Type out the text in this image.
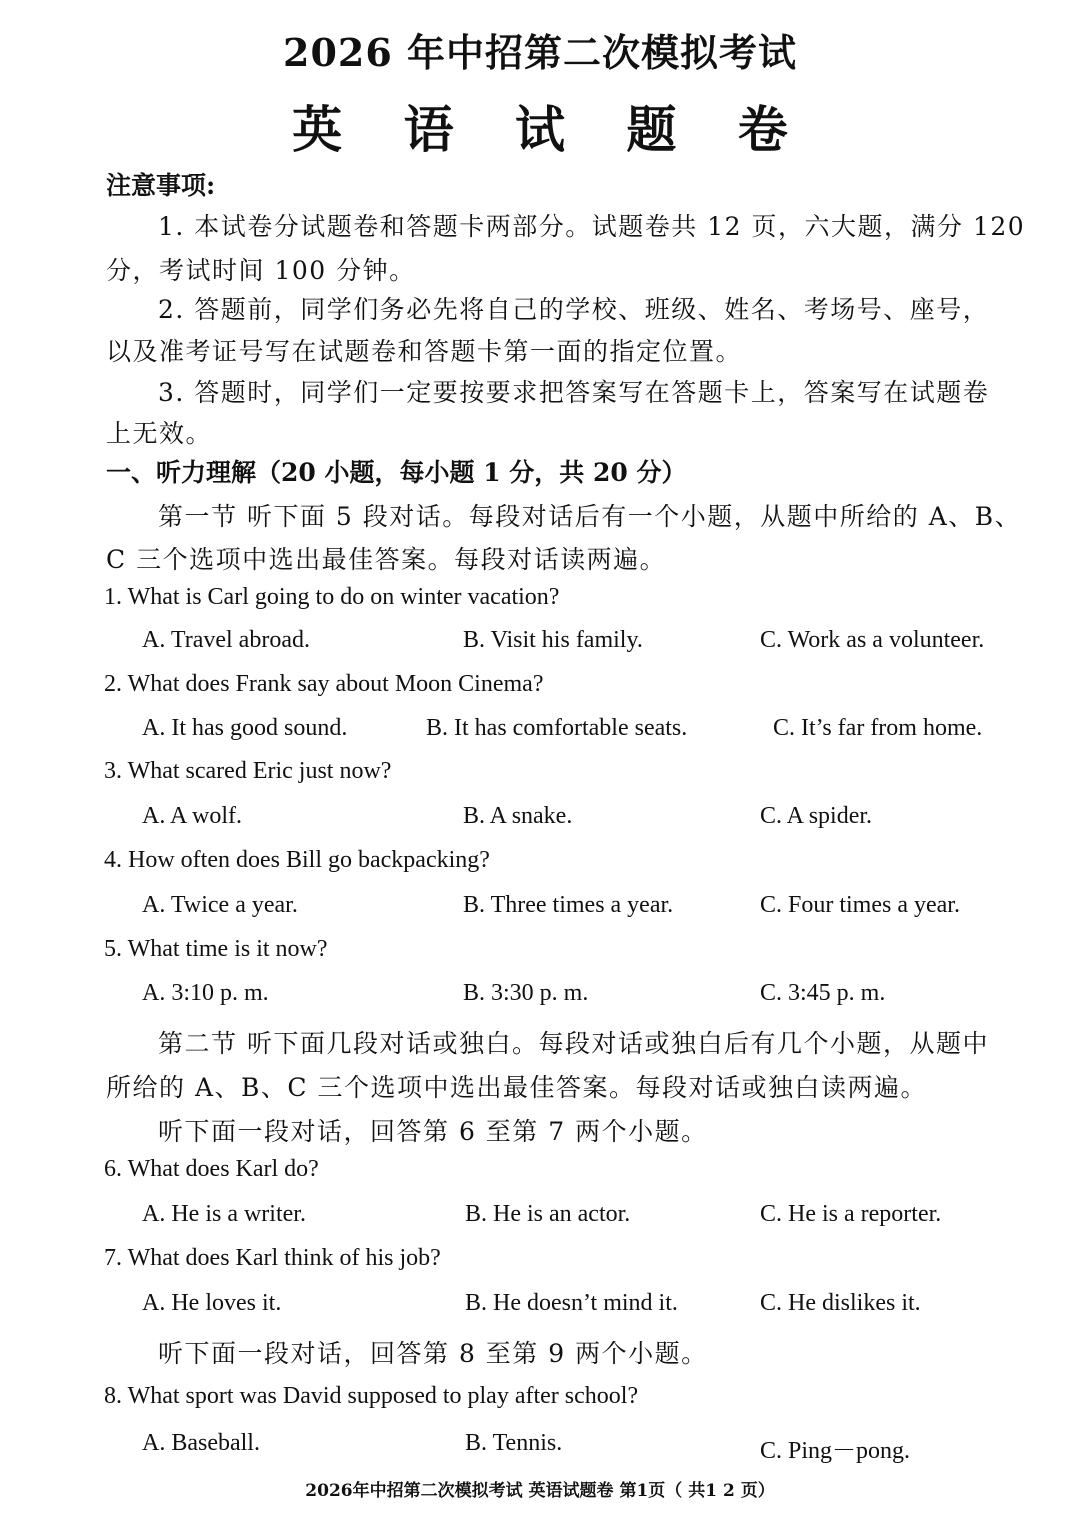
2026 年中招第二次模拟考试
英 语 试 题 卷
注意事项:
1. 本试卷分试题卷和答题卡两部分。试题卷共 12 页，六大题，满分 120
分，考试时间 100 分钟。
2. 答题前，同学们务必先将自己的学校、班级、姓名、考场号、座号，
以及准考证号写在试题卷和答题卡第一面的指定位置。
3. 答题时，同学们一定要按要求把答案写在答题卡上，答案写在试题卷
上无效。
一、听力理解（20 小题，每小题 1 分，共 20 分）
第一节 听下面 5 段对话。每段对话后有一个小题，从题中所给的 A、B、
C 三个选项中选出最佳答案。每段对话读两遍。
1. What is Carl going to do on winter vacation?
A. Travel abroad.	B. Visit his family.	C. Work as a volunteer.
2. What does Frank say about Moon Cinema?
A. It has good sound.	B. It has comfortable seats.	C. It’s far from home.
3. What scared Eric just now?
A. A wolf.	B. A snake.	C. A spider.
4. How often does Bill go backpacking?
A. Twice a year.	B. Three times a year.	C. Four times a year.
5. What time is it now?
A. 3:10 p. m.	B. 3:30 p. m.	C. 3:45 p. m.
第二节 听下面几段对话或独白。每段对话或独白后有几个小题，从题中
所给的 A、B、C 三个选项中选出最佳答案。每段对话或独白读两遍。
听下面一段对话，回答第 6 至第 7 两个小题。
6. What does Karl do?
A. He is a writer.	B. He is an actor.	C. He is a reporter.
7. What does Karl think of his job?
A. He loves it.	B. He doesn’t mind it.	C. He dislikes it.
听下面一段对话，回答第 8 至第 9 两个小题。
8. What sport was David supposed to play after school?
A. Baseball.	B. Tennis.	C. Ping－pong.
2026年中招第二次模拟考试 英语试题卷 第1页（ 共1 2 页）
